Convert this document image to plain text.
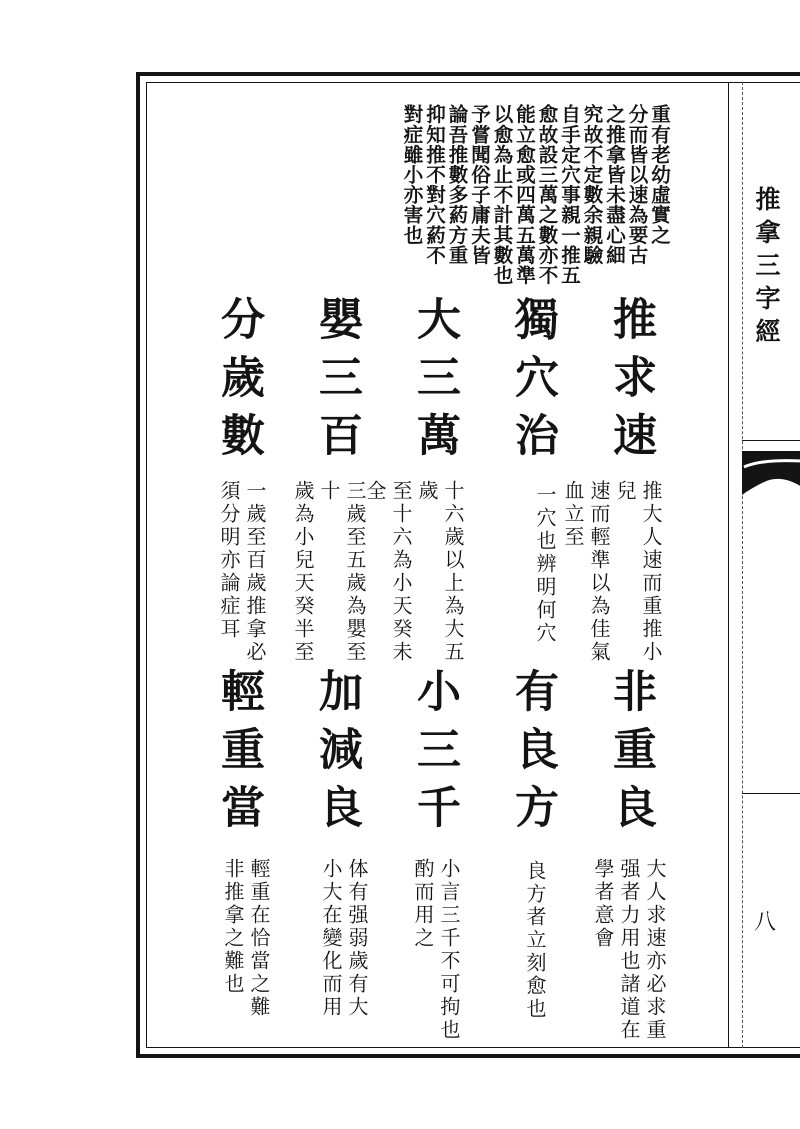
推拿三字經
八

重有老幼虛實之

分而皆以速為要古

之推拿皆未盡心細

究故不定數余親驗

自手定穴事親一推五

愈故設三萬之數亦不

能立愈或四萬五萬準

以愈為止不計其數也

予嘗聞俗子庸夫皆

論吾推數多葯方重

抑知推不對穴葯不

對症雖小亦害也

推求速
獨穴治
大三萬
嬰三百
分歲數

推大人速而重推小兒

速而輕準以為佳氣

血立至

一穴也辨明何穴

十六歲以上為大五歲

至十六為小天癸未全

三歲至五歲為嬰至十

歲為小兒天癸半至

一歲至百歲推拿必

須分明亦論症耳

非重良
有良方
小三千
加減良
輕重當

大人求速亦必求重

强者力用也諸道在

學者意會

良方者立刻愈也

小言三千不可拘也

酌而用之

体有强弱歲有大

小大在變化而用

輕重在恰當之難

非推拿之難也
